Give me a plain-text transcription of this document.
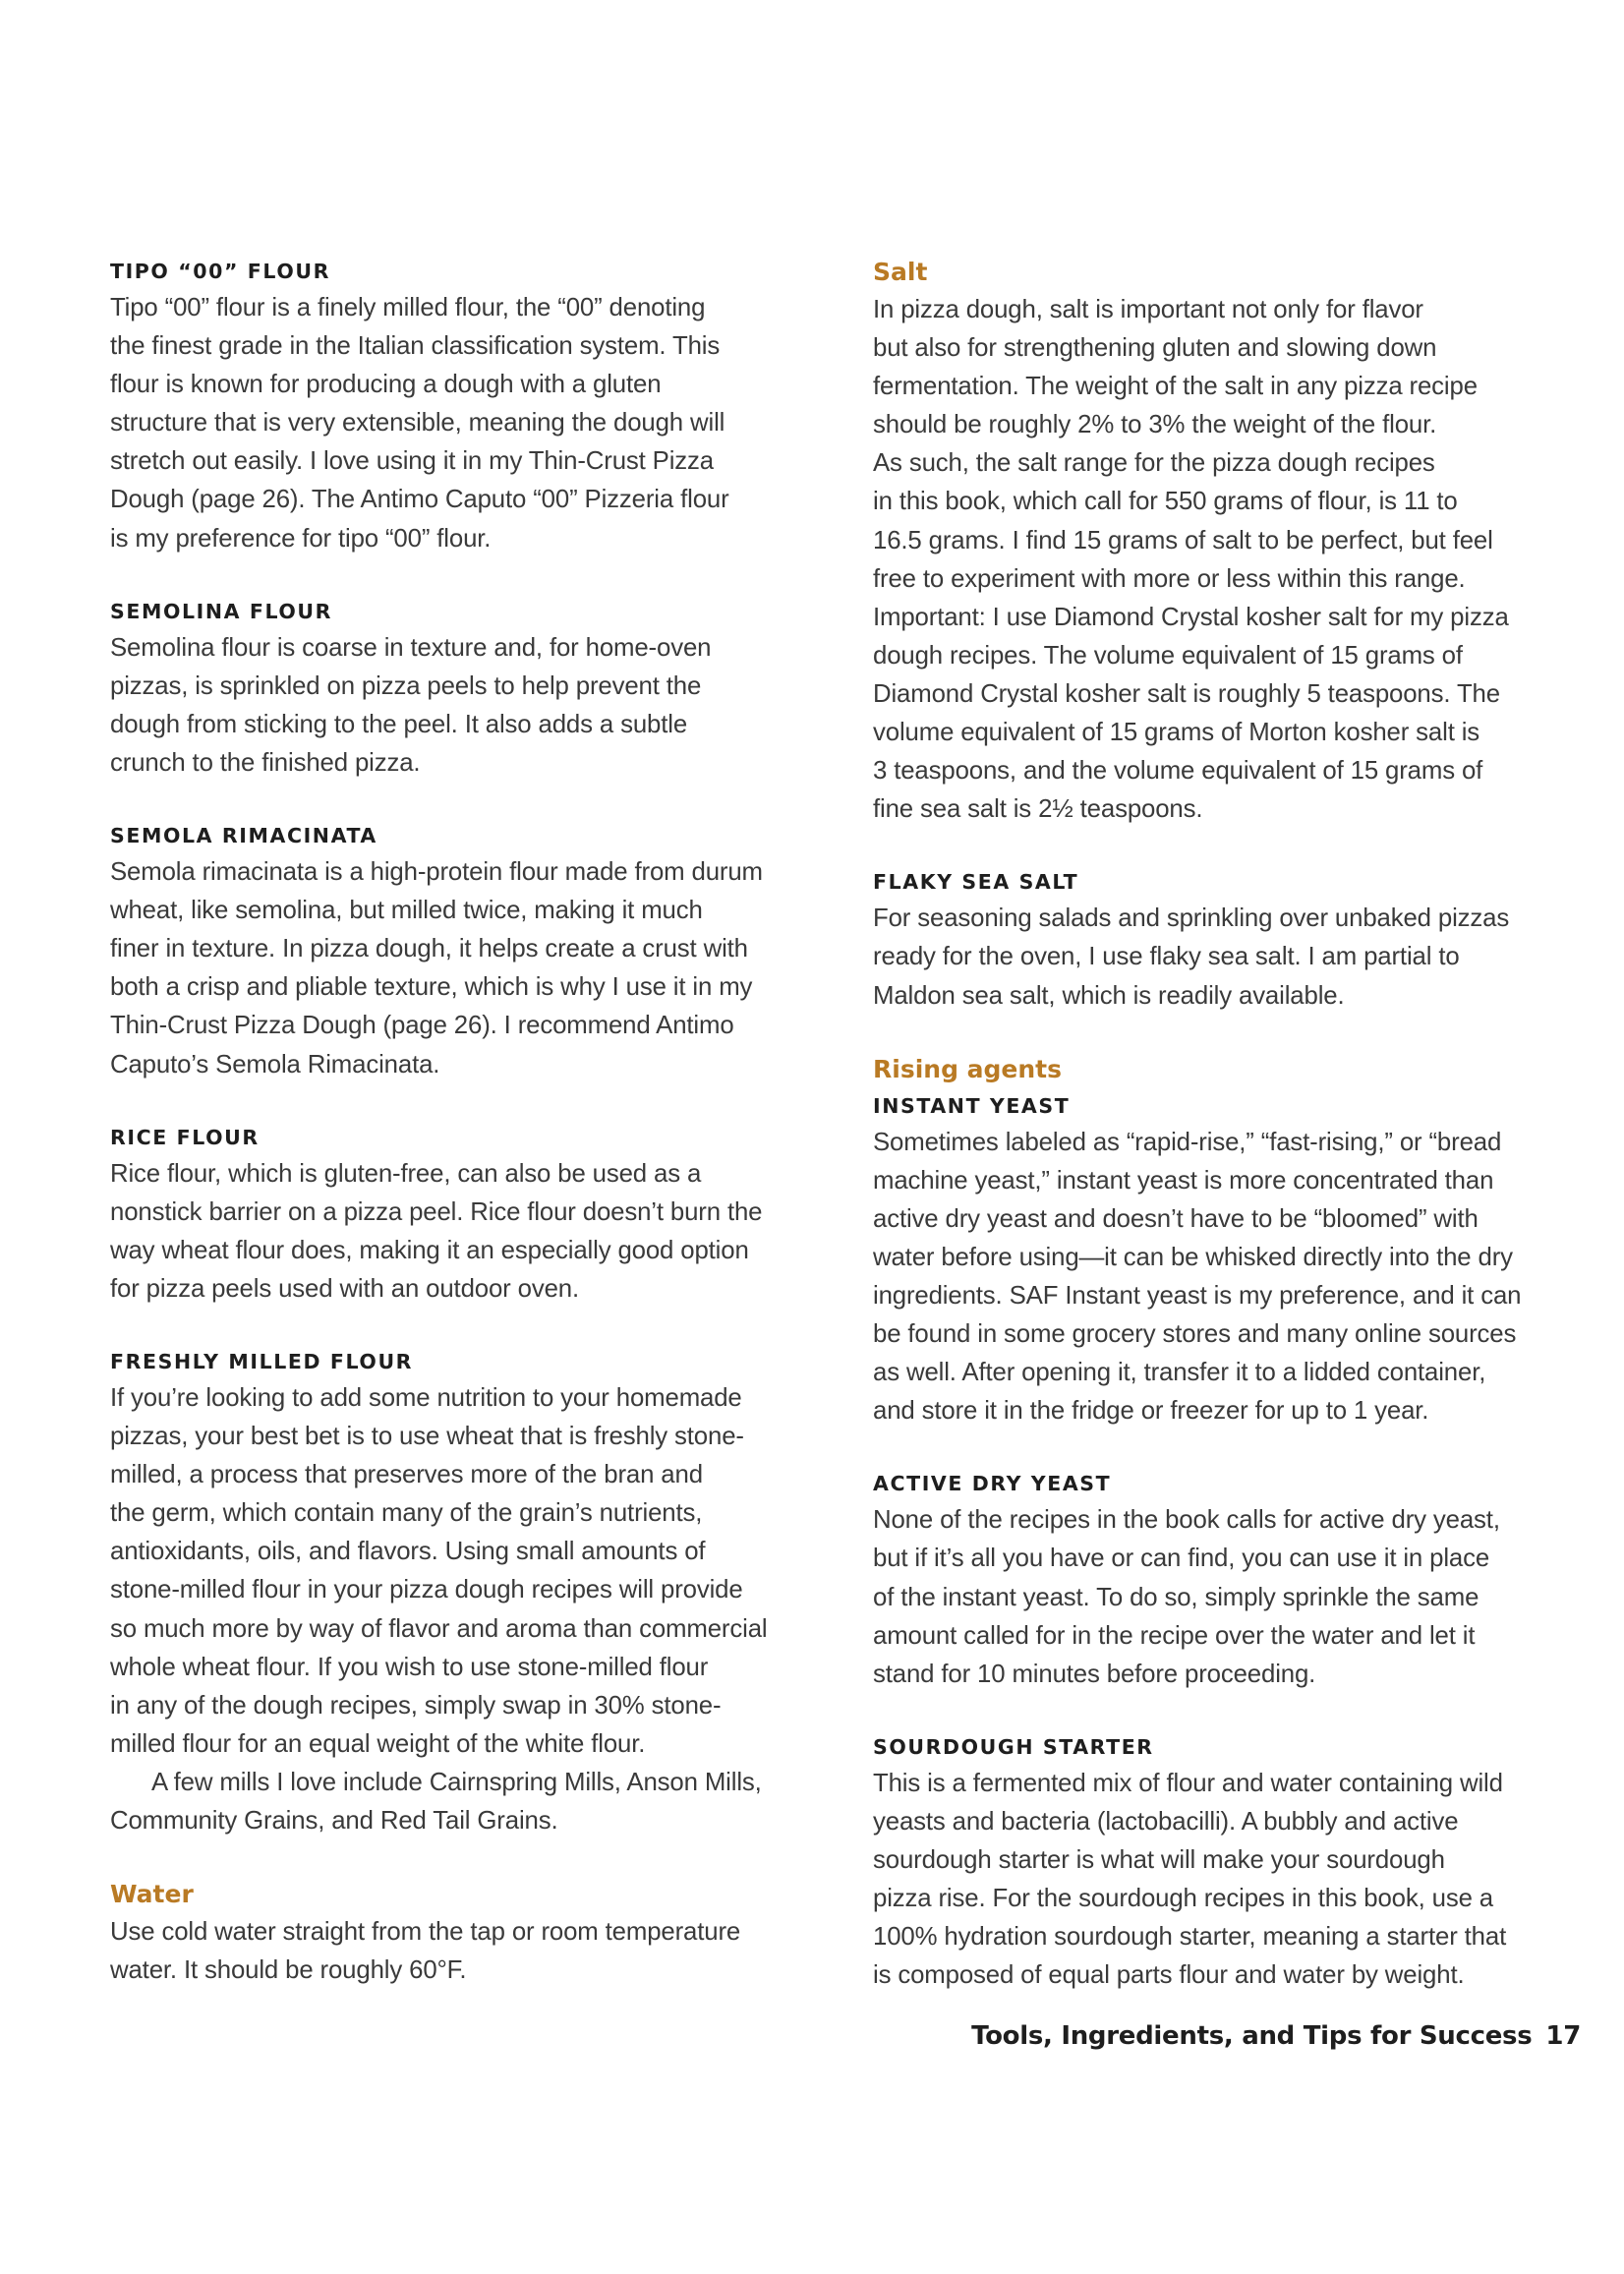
TIPO “00” FLOUR

Tipo “00” flour is a finely milled flour, the “00” denoting
the finest grade in the Italian classification system. This
flour is known for producing a dough with a gluten
structure that is very extensible, meaning the dough will
stretch out easily. I love using it in my Thin-Crust Pizza
Dough (page 26). The Antimo Caputo “00” Pizzeria flour
is my preference for tipo “00” flour.

SEMOLINA FLOUR

Semolina flour is coarse in texture and, for home-oven
pizzas, is sprinkled on pizza peels to help prevent the
dough from sticking to the peel. It also adds a subtle
crunch to the finished pizza.

SEMOLA RIMACINATA

Semola rimacinata is a high-protein flour made from durum
wheat, like semolina, but milled twice, making it much
finer in texture. In pizza dough, it helps create a crust with
both a crisp and pliable texture, which is why I use it in my
Thin-Crust Pizza Dough (page 26). I recommend Antimo
Caputo’s Semola Rimacinata.

RICE FLOUR

Rice flour, which is gluten-free, can also be used as a
nonstick barrier on a pizza peel. Rice flour doesn’t burn the
way wheat flour does, making it an especially good option
for pizza peels used with an outdoor oven.

FRESHLY MILLED FLOUR

If you’re looking to add some nutrition to your homemade
pizzas, your best bet is to use wheat that is freshly stone-
milled, a process that preserves more of the bran and
the germ, which contain many of the grain’s nutrients,
antioxidants, oils, and flavors. Using small amounts of
stone-milled flour in your pizza dough recipes will provide
so much more by way of flavor and aroma than commercial
whole wheat flour. If you wish to use stone-milled flour
in any of the dough recipes, simply swap in 30% stone-
milled flour for an equal weight of the white flour.

A few mills I love include Cairnspring Mills, Anson Mills,
Community Grains, and Red Tail Grains.

Water

Use cold water straight from the tap or room temperature
water. It should be roughly 60°F.

Salt

In pizza dough, salt is important not only for flavor
but also for strengthening gluten and slowing down
fermentation. The weight of the salt in any pizza recipe
should be roughly 2% to 3% the weight of the flour.
As such, the salt range for the pizza dough recipes
in this book, which call for 550 grams of flour, is 11 to
16.5 grams. I find 15 grams of salt to be perfect, but feel
free to experiment with more or less within this range.
Important: I use Diamond Crystal kosher salt for my pizza
dough recipes. The volume equivalent of 15 grams of
Diamond Crystal kosher salt is roughly 5 teaspoons. The
volume equivalent of 15 grams of Morton kosher salt is
3 teaspoons, and the volume equivalent of 15 grams of
fine sea salt is 2½ teaspoons.

FLAKY SEA SALT

For seasoning salads and sprinkling over unbaked pizzas
ready for the oven, I use flaky sea salt. I am partial to
Maldon sea salt, which is readily available.

Rising agents
INSTANT YEAST

Sometimes labeled as “rapid-rise,” “fast-rising,” or “bread
machine yeast,” instant yeast is more concentrated than
active dry yeast and doesn’t have to be “bloomed” with
water before using—it can be whisked directly into the dry
ingredients. SAF Instant yeast is my preference, and it can
be found in some grocery stores and many online sources
as well. After opening it, transfer it to a lidded container,
and store it in the fridge or freezer for up to 1 year.

ACTIVE DRY YEAST

None of the recipes in the book calls for active dry yeast,
but if it’s all you have or can find, you can use it in place
of the instant yeast. To do so, simply sprinkle the same
amount called for in the recipe over the water and let it
stand for 10 minutes before proceeding.

SOURDOUGH STARTER

This is a fermented mix of flour and water containing wild
yeasts and bacteria (lactobacilli). A bubbly and active
sourdough starter is what will make your sourdough
pizza rise. For the sourdough recipes in this book, use a
100% hydration sourdough starter, meaning a starter that
is composed of equal parts flour and water by weight.

Tools, Ingredients, and Tips for Success 17
